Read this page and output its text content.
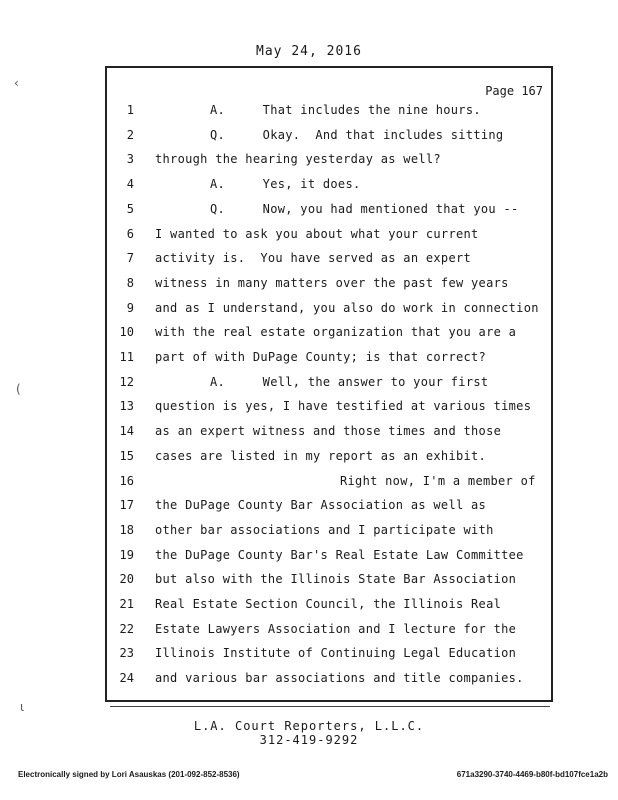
May 24, 2016
Page 167
1	A.     That includes the nine hours.
2	Q.     Okay.  And that includes sitting
3 through the hearing yesterday as well?
4	A.     Yes, it does.
5	Q.     Now, you had mentioned that you --
6 I wanted to ask you about what your current
7 activity is.  You have served as an expert
8 witness in many matters over the past few years
9 and as I understand, you also do work in connection
10 with the real estate organization that you are a
11 part of with DuPage County; is that correct?
12	A.     Well, the answer to your first
13 question is yes, I have testified at various times
14 as an expert witness and those times and those
15 cases are listed in my report as an exhibit.
16	Right now, I'm a member of
17 the DuPage County Bar Association as well as
18 other bar associations and I participate with
19 the DuPage County Bar's Real Estate Law Committee
20 but also with the Illinois State Bar Association
21 Real Estate Section Council, the Illinois Real
22 Estate Lawyers Association and I lecture for the
23 Illinois Institute of Continuing Legal Education
24 and various bar associations and title companies.
L.A. Court Reporters, L.L.C.
312-419-9292
Electronically signed by Lori Asauskas (201-092-852-8536)	671a3290-3740-4469-b80f-bd107fce1a2b
‹
(
ι
